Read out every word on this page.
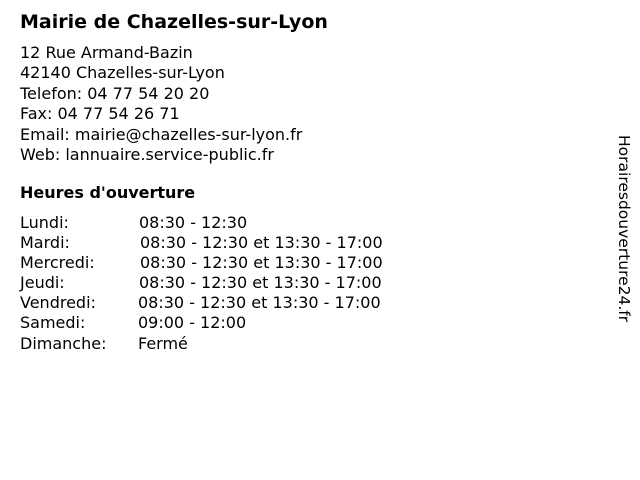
Mairie de Chazelles-sur-Lyon
12 Rue Armand-Bazin
42140 Chazelles-sur-Lyon
Telefon: 04 77 54 20 20
Fax: 04 77 54 26 71
Email: mairie@chazelles-sur-lyon.fr
Web: lannuaire.service-public.fr
Heures d'ouverture
Lundi:	08:30 - 12:30
Mardi:	08:30 - 12:30 et 13:30 - 17:00
Mercredi:	08:30 - 12:30 et 13:30 - 17:00
Jeudi:	08:30 - 12:30 et 13:30 - 17:00
Vendredi:	08:30 - 12:30 et 13:30 - 17:00
Samedi:	09:00 - 12:00
Dimanche: Fermé
Horairesdouverture24.fr
